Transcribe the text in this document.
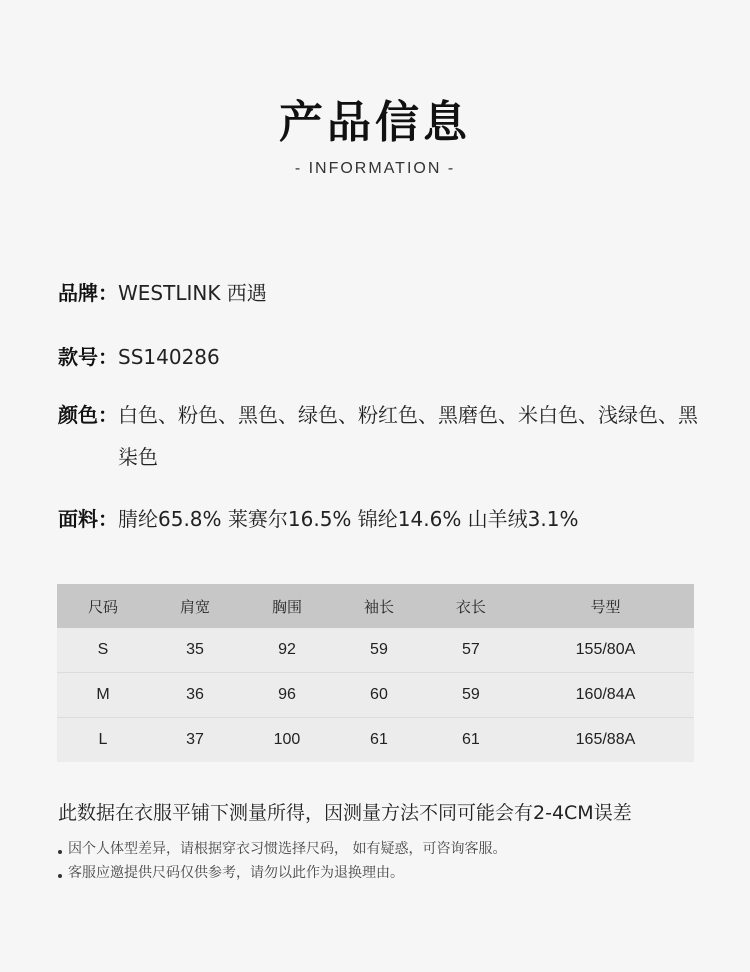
产品信息
- INFORMATION -
品牌： WESTLINK 西遇
款号： SS140286
颜色： 白色、粉色、黑色、绿色、粉红色、黑磨色、米白色、浅绿色、黑柒色
面料： 腈纶65.8% 莱赛尔16.5% 锦纶14.6% 山羊绒3.1%
尺码	肩宽	胸围	袖长	衣长	号型
S	35	92	59	57	155/80A
M	36	96	60	59	160/84A
L	37	100	61	61	165/88A
此数据在衣服平铺下测量所得，因测量方法不同可能会有2-4CM误差
因个人体型差异，请根据穿衣习惯选择尺码， 如有疑惑，可咨询客服。
客服应邀提供尺码仅供参考，请勿以此作为退换理由。
